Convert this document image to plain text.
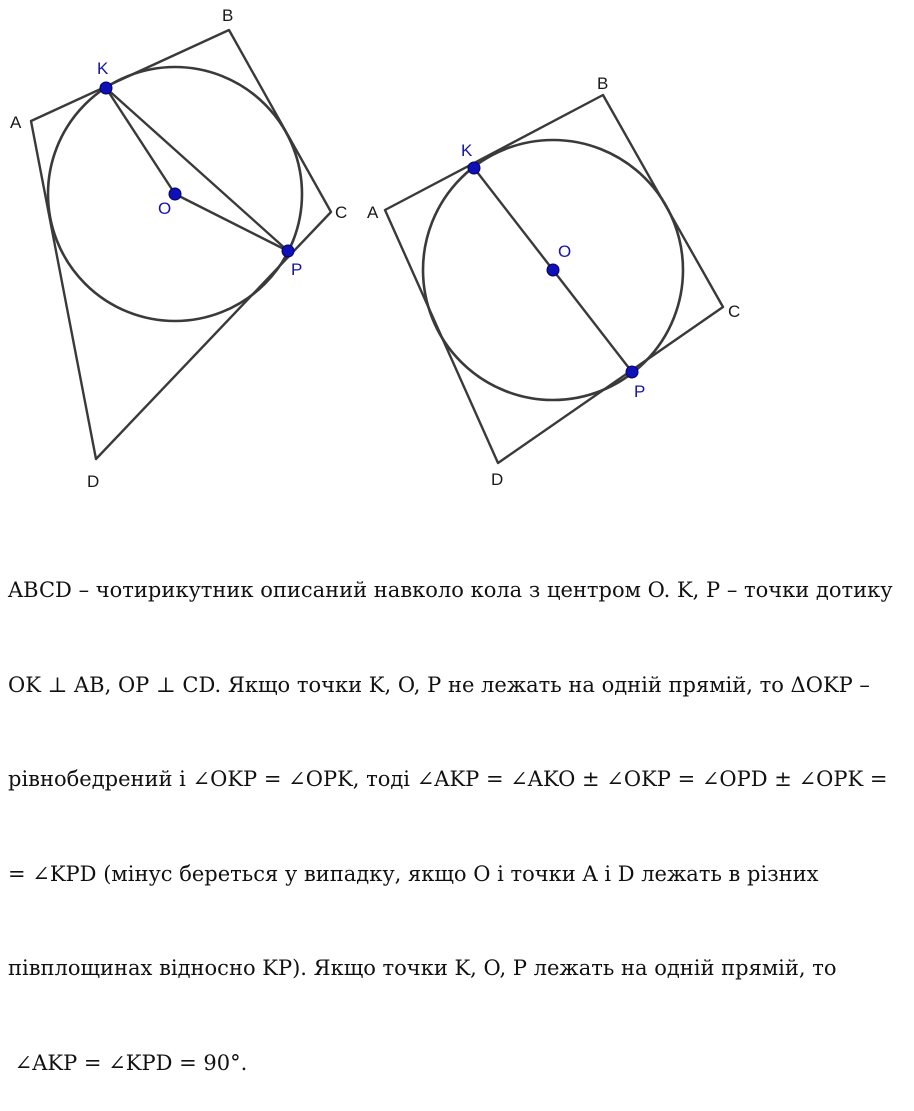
A
B
C
D
K
O
P
A
B
C
D
K
O
P

ABCD – чотирикутник описаний навколо кола з центром O. K, P – точки дотику

OK ⊥ AB, OP ⊥ CD. Якщо точки K, O, P не лежать на одній прямій, то ΔOKP –

рівнобедрений і ∠OKP = ∠OPK, тоді ∠AKP = ∠AKO ± ∠OKP = ∠OPD ± ∠OPK =

= ∠KPD (мінус береться у випадку, якщо O і точки A і D лежать в різних

півплощинах відносно KP). Якщо точки K, O, P лежать на одній прямій, то

∠AKP = ∠KPD = 90°.
